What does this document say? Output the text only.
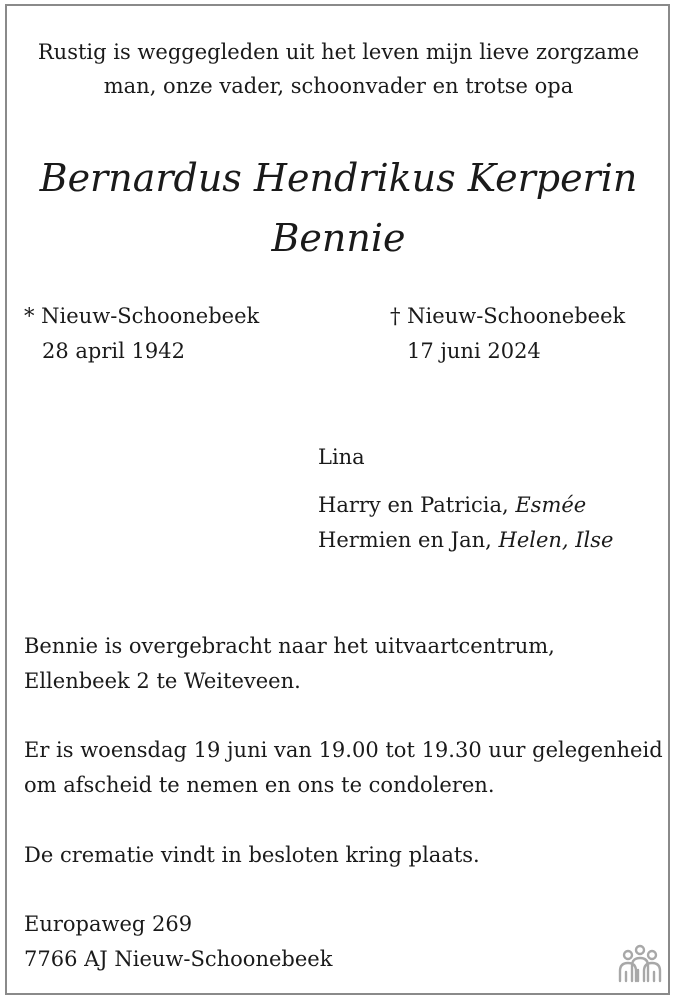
Rustig is weggegleden uit het leven mijn lieve zorgzame
man, onze vader, schoonvader en trotse opa
Bernardus Hendrikus Kerperin
Bennie
* Nieuw-Schoonebeek
28 april 1942
† Nieuw-Schoonebeek
17 juni 2024
Lina
Harry en Patricia, Esmée
Hermien en Jan, Helen, Ilse
Bennie is overgebracht naar het uitvaartcentrum,
Ellenbeek 2 te Weiteveen.
Er is woensdag 19 juni van 19.00 tot 19.30 uur gelegenheid
om afscheid te nemen en ons te condoleren.
De crematie vindt in besloten kring plaats.
Europaweg 269
7766 AJ Nieuw-Schoonebeek
